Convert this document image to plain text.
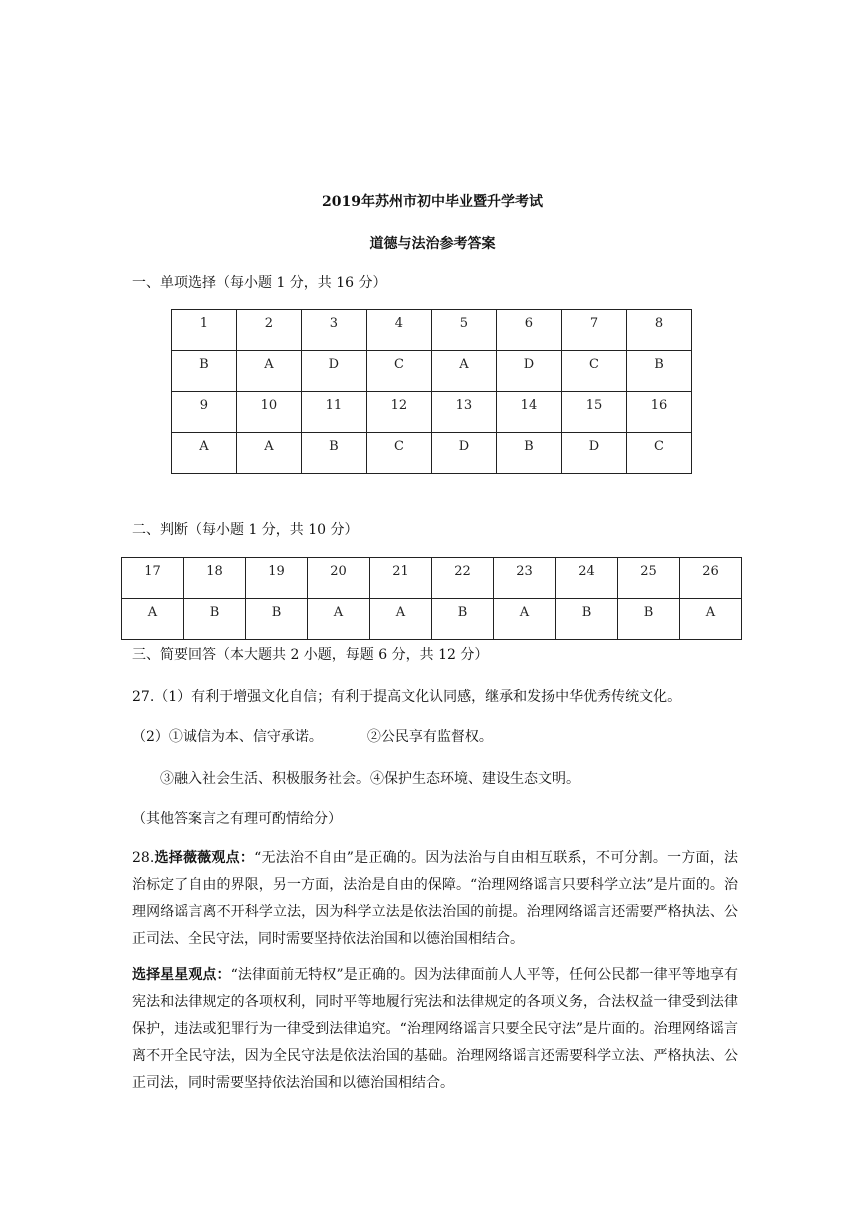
2019年苏州市初中毕业暨升学考试
道德与法治参考答案
一、单项选择（每小题 1 分，共 16 分）
1	2	3	4	5	6	7	8
B	A	D	C	A	D	C	B
9	10	11	12	13	14	15	16
A	A	B	C	D	B	D	C
二、判断（每小题 1 分，共 10 分）
17	18	19	20	21	22	23	24	25	26
A	B	B	A	A	B	A	B	B	A
三、简要回答（本大题共 2 小题，每题 6 分，共 12 分）
27.（1）有利于增强文化自信；有利于提高文化认同感，继承和发扬中华优秀传统文化。
（2）①诚信为本、信守承诺。	②公民享有监督权。
③融入社会生活、积极服务社会。④保护生态环境、建设生态文明。
（其他答案言之有理可酌情给分）
28.选择薇薇观点：“无法治不自由”是正确的。因为法治与自由相互联系，不可分割。一方面，法治标定了自由的界限，另一方面，法治是自由的保障。“治理网络谣言只要科学立法”是片面的。治理网络谣言离不开科学立法，因为科学立法是依法治国的前提。治理网络谣言还需要严格执法、公正司法、全民守法，同时需要坚持依法治国和以德治国相结合。
选择星星观点：“法律面前无特权”是正确的。因为法律面前人人平等，任何公民都一律平等地享有宪法和法律规定的各项权利，同时平等地履行宪法和法律规定的各项义务，合法权益一律受到法律保护，违法或犯罪行为一律受到法律追究。“治理网络谣言只要全民守法”是片面的。治理网络谣言离不开全民守法，因为全民守法是依法治国的基础。治理网络谣言还需要科学立法、严格执法、公正司法，同时需要坚持依法治国和以德治国相结合。
